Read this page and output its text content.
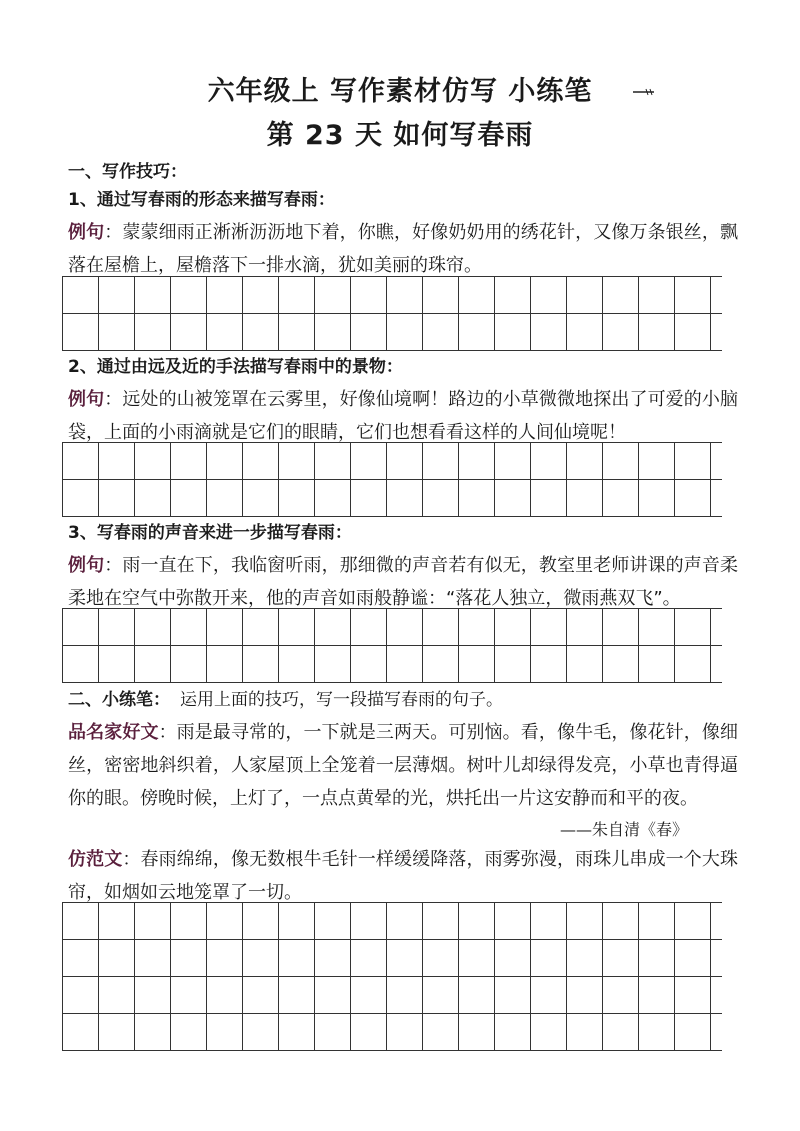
六年级上 写作素材仿写 小练笔
第 23 天 如何写春雨
一、写作技巧：
1、通过写春雨的形态来描写春雨：
例句：蒙蒙细雨正淅淅沥沥地下着，你瞧，好像奶奶用的绣花针，又像万条银丝，飘落在屋檐上，屋檐落下一排水滴，犹如美丽的珠帘。
2、通过由远及近的手法描写春雨中的景物：
例句：远处的山被笼罩在云雾里，好像仙境啊！路边的小草微微地探出了可爱的小脑袋，上面的小雨滴就是它们的眼睛，它们也想看看这样的人间仙境呢！
3、写春雨的声音来进一步描写春雨：
例句：雨一直在下，我临窗听雨，那细微的声音若有似无，教室里老师讲课的声音柔柔地在空气中弥散开来，他的声音如雨般静谧：“落花人独立，微雨燕双飞”。
二、小练笔： 运用上面的技巧，写一段描写春雨的句子。
品名家好文：雨是最寻常的，一下就是三两天。可别恼。看，像牛毛，像花针，像细丝，密密地斜织着，人家屋顶上全笼着一层薄烟。树叶儿却绿得发亮，小草也青得逼你的眼。傍晚时候，上灯了，一点点黄晕的光，烘托出一片这安静而和平的夜。
——朱自清《春》
仿范文：春雨绵绵，像无数根牛毛针一样缓缓降落，雨雾弥漫，雨珠儿串成一个大珠帘，如烟如云地笼罩了一切。
